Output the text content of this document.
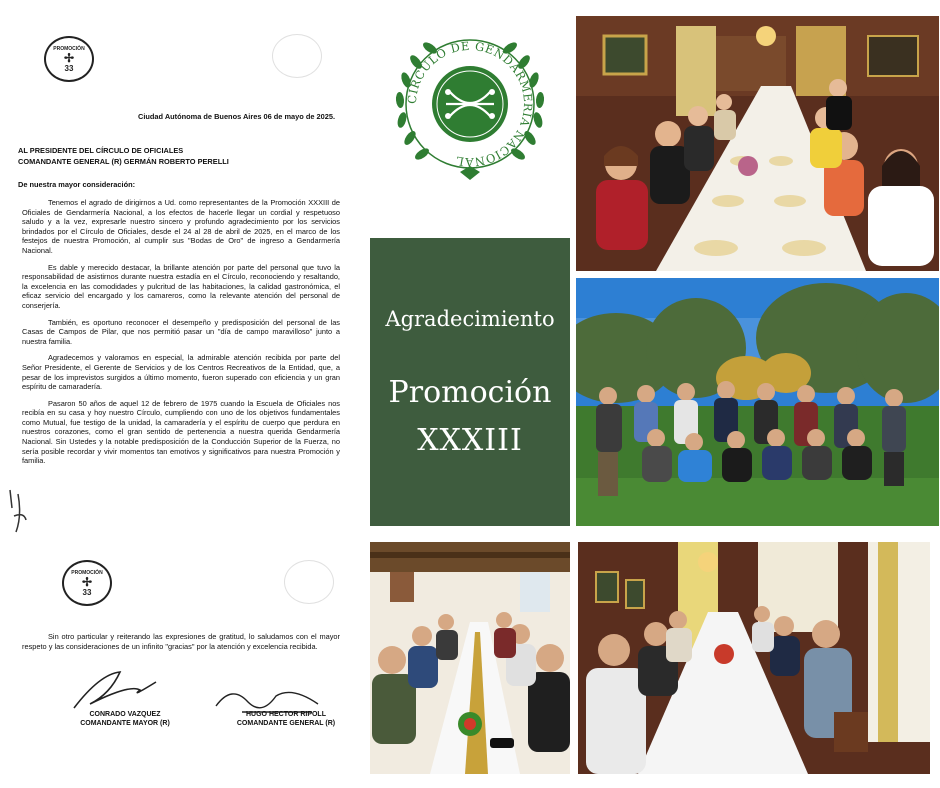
PROMOCIÓN
✢
33
Ciudad Autónoma de Buenos Aires 06 de mayo de 2025.
AL PRESIDENTE DEL CÍRCULO DE OFICIALES
COMANDANTE GENERAL (R) GERMÁN ROBERTO PERELLI
De nuestra mayor consideración:

Tenemos el agrado de dirigirnos a Ud. como representantes de la Promoción XXXIII de Oficiales de Gendarmería Nacional, a los efectos de hacerle llegar un cordial y respetuoso saludo y a la vez, expresarle nuestro sincero y profundo agradecimiento por los servicios brindados por el Círculo de Oficiales, desde el 24 al 28 de abril de 2025, en el marco de los festejos de nuestra Promoción, al cumplir sus "Bodas de Oro" de ingreso a Gendarmería Nacional.

Es dable y merecido destacar, la brillante atención por parte del personal que tuvo la responsabilidad de asistirnos durante nuestra estadía en el Círculo, reconociendo y resaltando, la excelencia en las comodidades y pulcritud de las habitaciones, la calidad gastronómica, el eficaz servicio del encargado y los camareros, como la relevante atención del personal de conserjería.

También, es oportuno reconocer el desempeño y predisposición del personal de las Casas de Campos de Pilar, que nos permitió pasar un "día de campo maravilloso" junto a nuestra familia.

Agradecemos y valoramos en especial, la admirable atención recibida por parte del Señor Presidente, el Gerente de Servicios y de los Centros Recreativos de la Entidad, que, a pesar de los imprevistos surgidos a último momento, fueron superado con eficiencia y un gran espíritu de camaradería.

Pasaron 50 años de aquel 12 de febrero de 1975 cuando la Escuela de Oficiales nos recibía en su casa y hoy nuestro Círculo, cumpliendo con uno de los objetivos fundamentales como Mutual, fue testigo de la unidad, la camaradería y el espíritu de cuerpo que perdura en nuestros corazones, como el gran sentido de pertenencia a nuestra querida Gendarmería Nacional. Sin Ustedes y la notable predisposición de la Conducción Superior de la Fuerza, no sería posible recordar y vivir momentos tan emotivos y significativos para nuestra Promoción y familia.

PROMOCIÓN
✢
33

Sin otro particular y reiterando las expresiones de gratitud, lo saludamos con el mayor respeto y las consideraciones de un infinito "gracias" por la atención y excelencia recibida.

CONRADO VAZQUEZ
COMANDANTE MAYOR (R)
HUGO HECTOR RIPOLL
COMANDANTE GENERAL (R)
CÍRCULO DE GENDARMERÍA NACIONAL
Agradecimiento
Promoción
XXXIII
